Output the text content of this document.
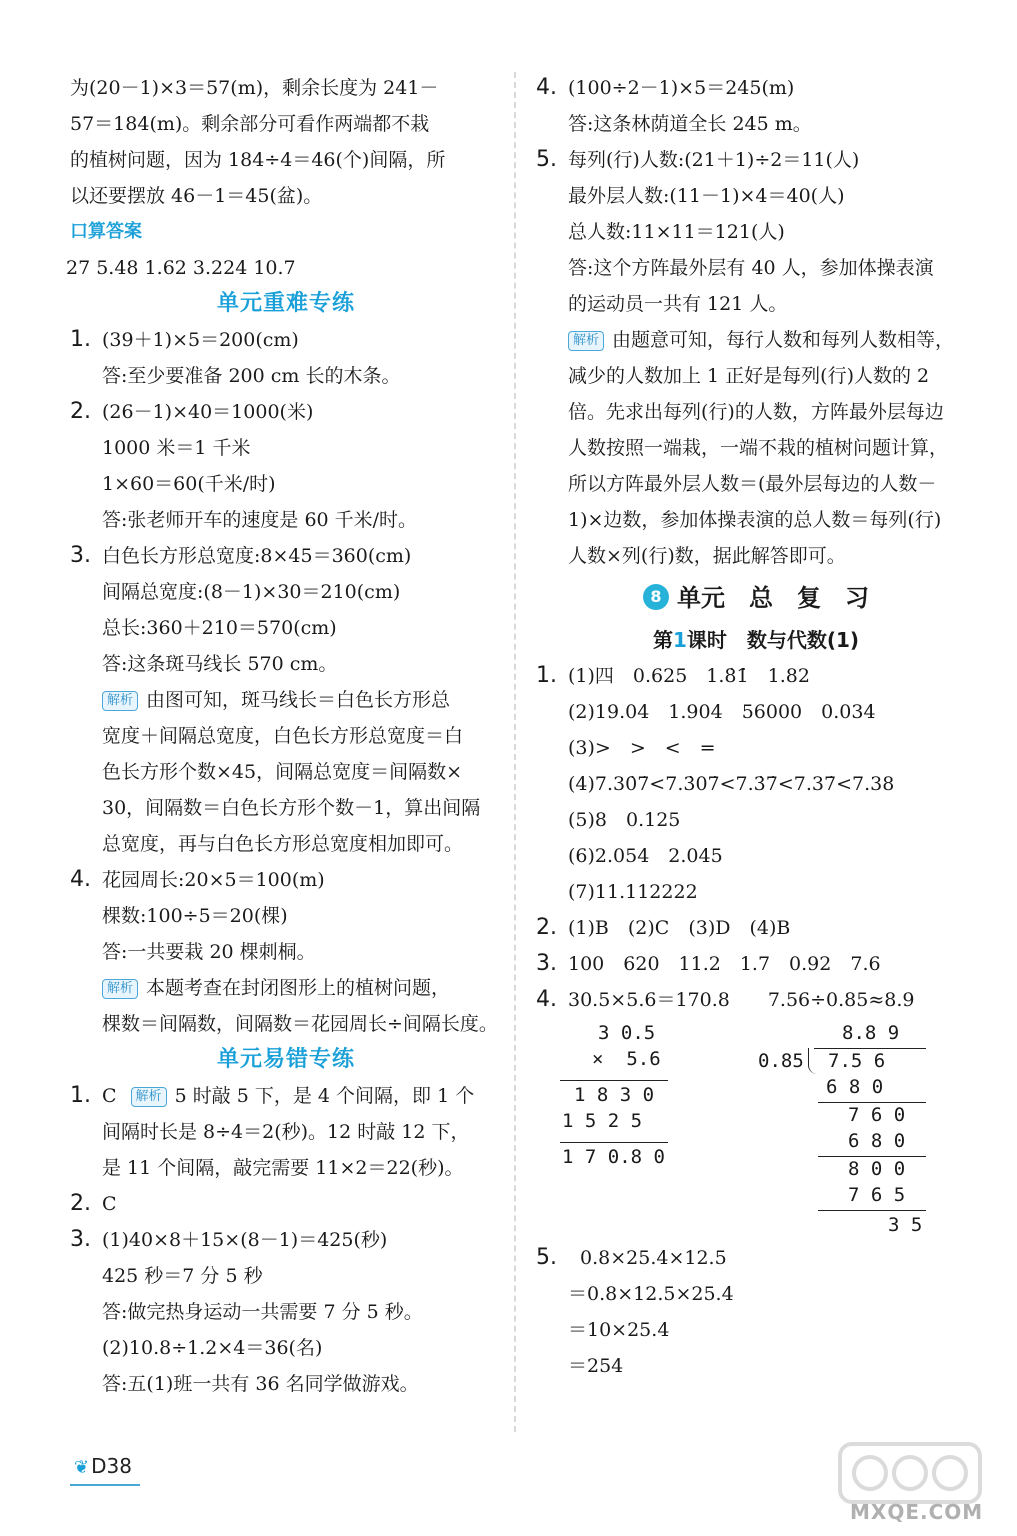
为(20－1)×3＝57(m)，剩余长度为 241－
57＝184(m)。剩余部分可看作两端都不栽
的植树问题，因为 184÷4＝46(个)间隔，所
以还要摆放 46－1＝45(盆)。
口算答案
27 5.48 1.62 3.224 10.7
单元重难专练
1. (39＋1)×5＝200(cm)
答:至少要准备 200 cm 长的木条。
2. (26－1)×40＝1000(米)
1000 米＝1 千米
1×60＝60(千米/时)
答:张老师开车的速度是 60 千米/时。
3. 白色长方形总宽度:8×45＝360(cm)
间隔总宽度:(8－1)×30＝210(cm)
总长:360＋210＝570(cm)
答:这条斑马线长 570 cm。
解析 由图可知，斑马线长＝白色长方形总
宽度＋间隔总宽度，白色长方形总宽度＝白
色长方形个数×45，间隔总宽度＝间隔数×
30，间隔数＝白色长方形个数－1，算出间隔
总宽度，再与白色长方形总宽度相加即可。
4. 花园周长:20×5＝100(m)
棵数:100÷5＝20(棵)
答:一共要栽 20 棵刺桐。
解析 本题考查在封闭图形上的植树问题，
棵数＝间隔数，间隔数＝花园周长÷间隔长度。
单元易错专练
1. C 解析 5 时敲 5 下，是 4 个间隔，即 1 个
间隔时长是 8÷4＝2(秒)。12 时敲 12 下，
是 11 个间隔，敲完需要 11×2＝22(秒)。
2. C
3. (1)40×8＋15×(8－1)＝425(秒)
425 秒＝7 分 5 秒
答:做完热身运动一共需要 7 分 5 秒。
(2)10.8÷1.2×4＝36(名)
答:五(1)班一共有 36 名同学做游戏。
4. (100÷2－1)×5＝245(m)
答:这条林荫道全长 245 m。
5. 每列(行)人数:(21＋1)÷2＝11(人)
最外层人数:(11－1)×4＝40(人)
总人数:11×11＝121(人)
答:这个方阵最外层有 40 人，参加体操表演
的运动员一共有 121 人。
解析 由题意可知，每行人数和每列人数相等，
减少的人数加上 1 正好是每列(行)人数的 2
倍。先求出每列(行)的人数，方阵最外层每边
人数按照一端栽，一端不栽的植树问题计算，
所以方阵最外层人数＝(最外层每边的人数－
1)×边数，参加体操表演的总人数＝每列(行)
人数×列(行)数，据此解答即可。
8 单元　总　复　习
第1课时　数与代数(1)
1. (1)四　0.625　1.8̇1̇　1.82
(2)19.04　1.904　56000　0.034
(3)>　>　<　=
(4)7.30̇7̇<7.3̇07̇<7.3̇7̇<7.37̇<7.38
(5)8　0.125
(6)2.054　2.045
(7)11.112222
2. (1)B　(2)C　(3)D　(4)B
3. 100　620　11.2　1.7　0.92　7.6
4. 30.5×5.6＝170.8　　7.56÷0.85≈8.9
3 0.5
×  5.6
1 8 3 0
1 5 2 5
1 7 0.8 0
8.8 9
0.85 7.5 6
6 8 0
7 6 0
6 8 0
8 0 0
7 6 5
3 5
5. 0.8×25.4×12.5
＝0.8×12.5×25.4
＝10×25.4
＝254
❦ D38
MXQE.COM
